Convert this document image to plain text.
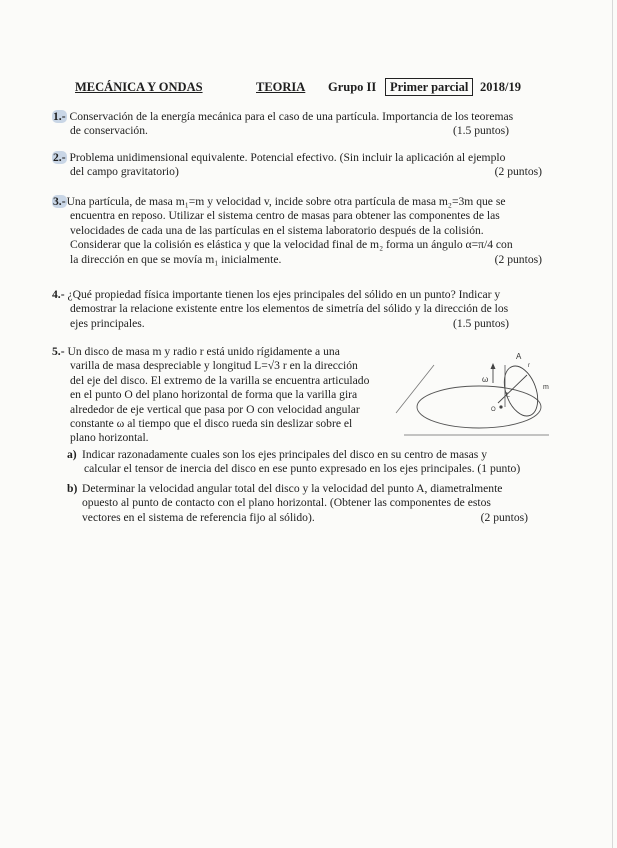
MECÁNICA Y ONDAS	TEORIA Grupo II	Primer parcial 2018/19
1.- Conservación de la energía mecánica para el caso de una partícula. Importancia de los teoremas
de conservación.	(1.5 puntos)
2.- Problema unidimensional equivalente. Potencial efectivo. (Sin incluir la aplicación al ejemplo
del campo gravitatorio)	(2 puntos)
3.-Una partícula, de masa m₁=m y velocidad v, incide sobre otra partícula de masa m₂=3m que se
encuentra en reposo. Utilizar el sistema centro de masas para obtener las componentes de las
velocidades de cada una de las partículas en el sistema laboratorio después de la colisión.
Considerar que la colisión es elástica y que la velocidad final de m₂ forma un ángulo α=π/4 con
la dirección en que se movía m₁ inicialmente.	(2 puntos)
4.- ¿Qué propiedad física importante tienen los ejes principales del sólido en un punto? Indicar y
demostrar la relacione existente entre los elementos de simetría del sólido y la dirección de los
ejes principales.	(1.5 puntos)
5.- Un disco de masa m y radio r está unido rígidamente a una
varilla de masa despreciable y longitud L=√3 r en la dirección
del eje del disco. El extremo de la varilla se encuentra articulado
en el punto O del plano horizontal de forma que la varilla gira
alrededor de eje vertical que pasa por O con velocidad angular
constante ω al tiempo que el disco rueda sin deslizar sobre el
plano horizontal.
A
m
L
ω
r
O
a) Indicar razonadamente cuales son los ejes principales del disco en su centro de masas y
calcular el tensor de inercia del disco en ese punto expresado en los ejes principales. (1 punto)
b) Determinar la velocidad angular total del disco y la velocidad del punto A, diametralmente
opuesto al punto de contacto con el plano horizontal. (Obtener las componentes de estos
vectores en el sistema de referencia fijo al sólido).	(2 puntos)
